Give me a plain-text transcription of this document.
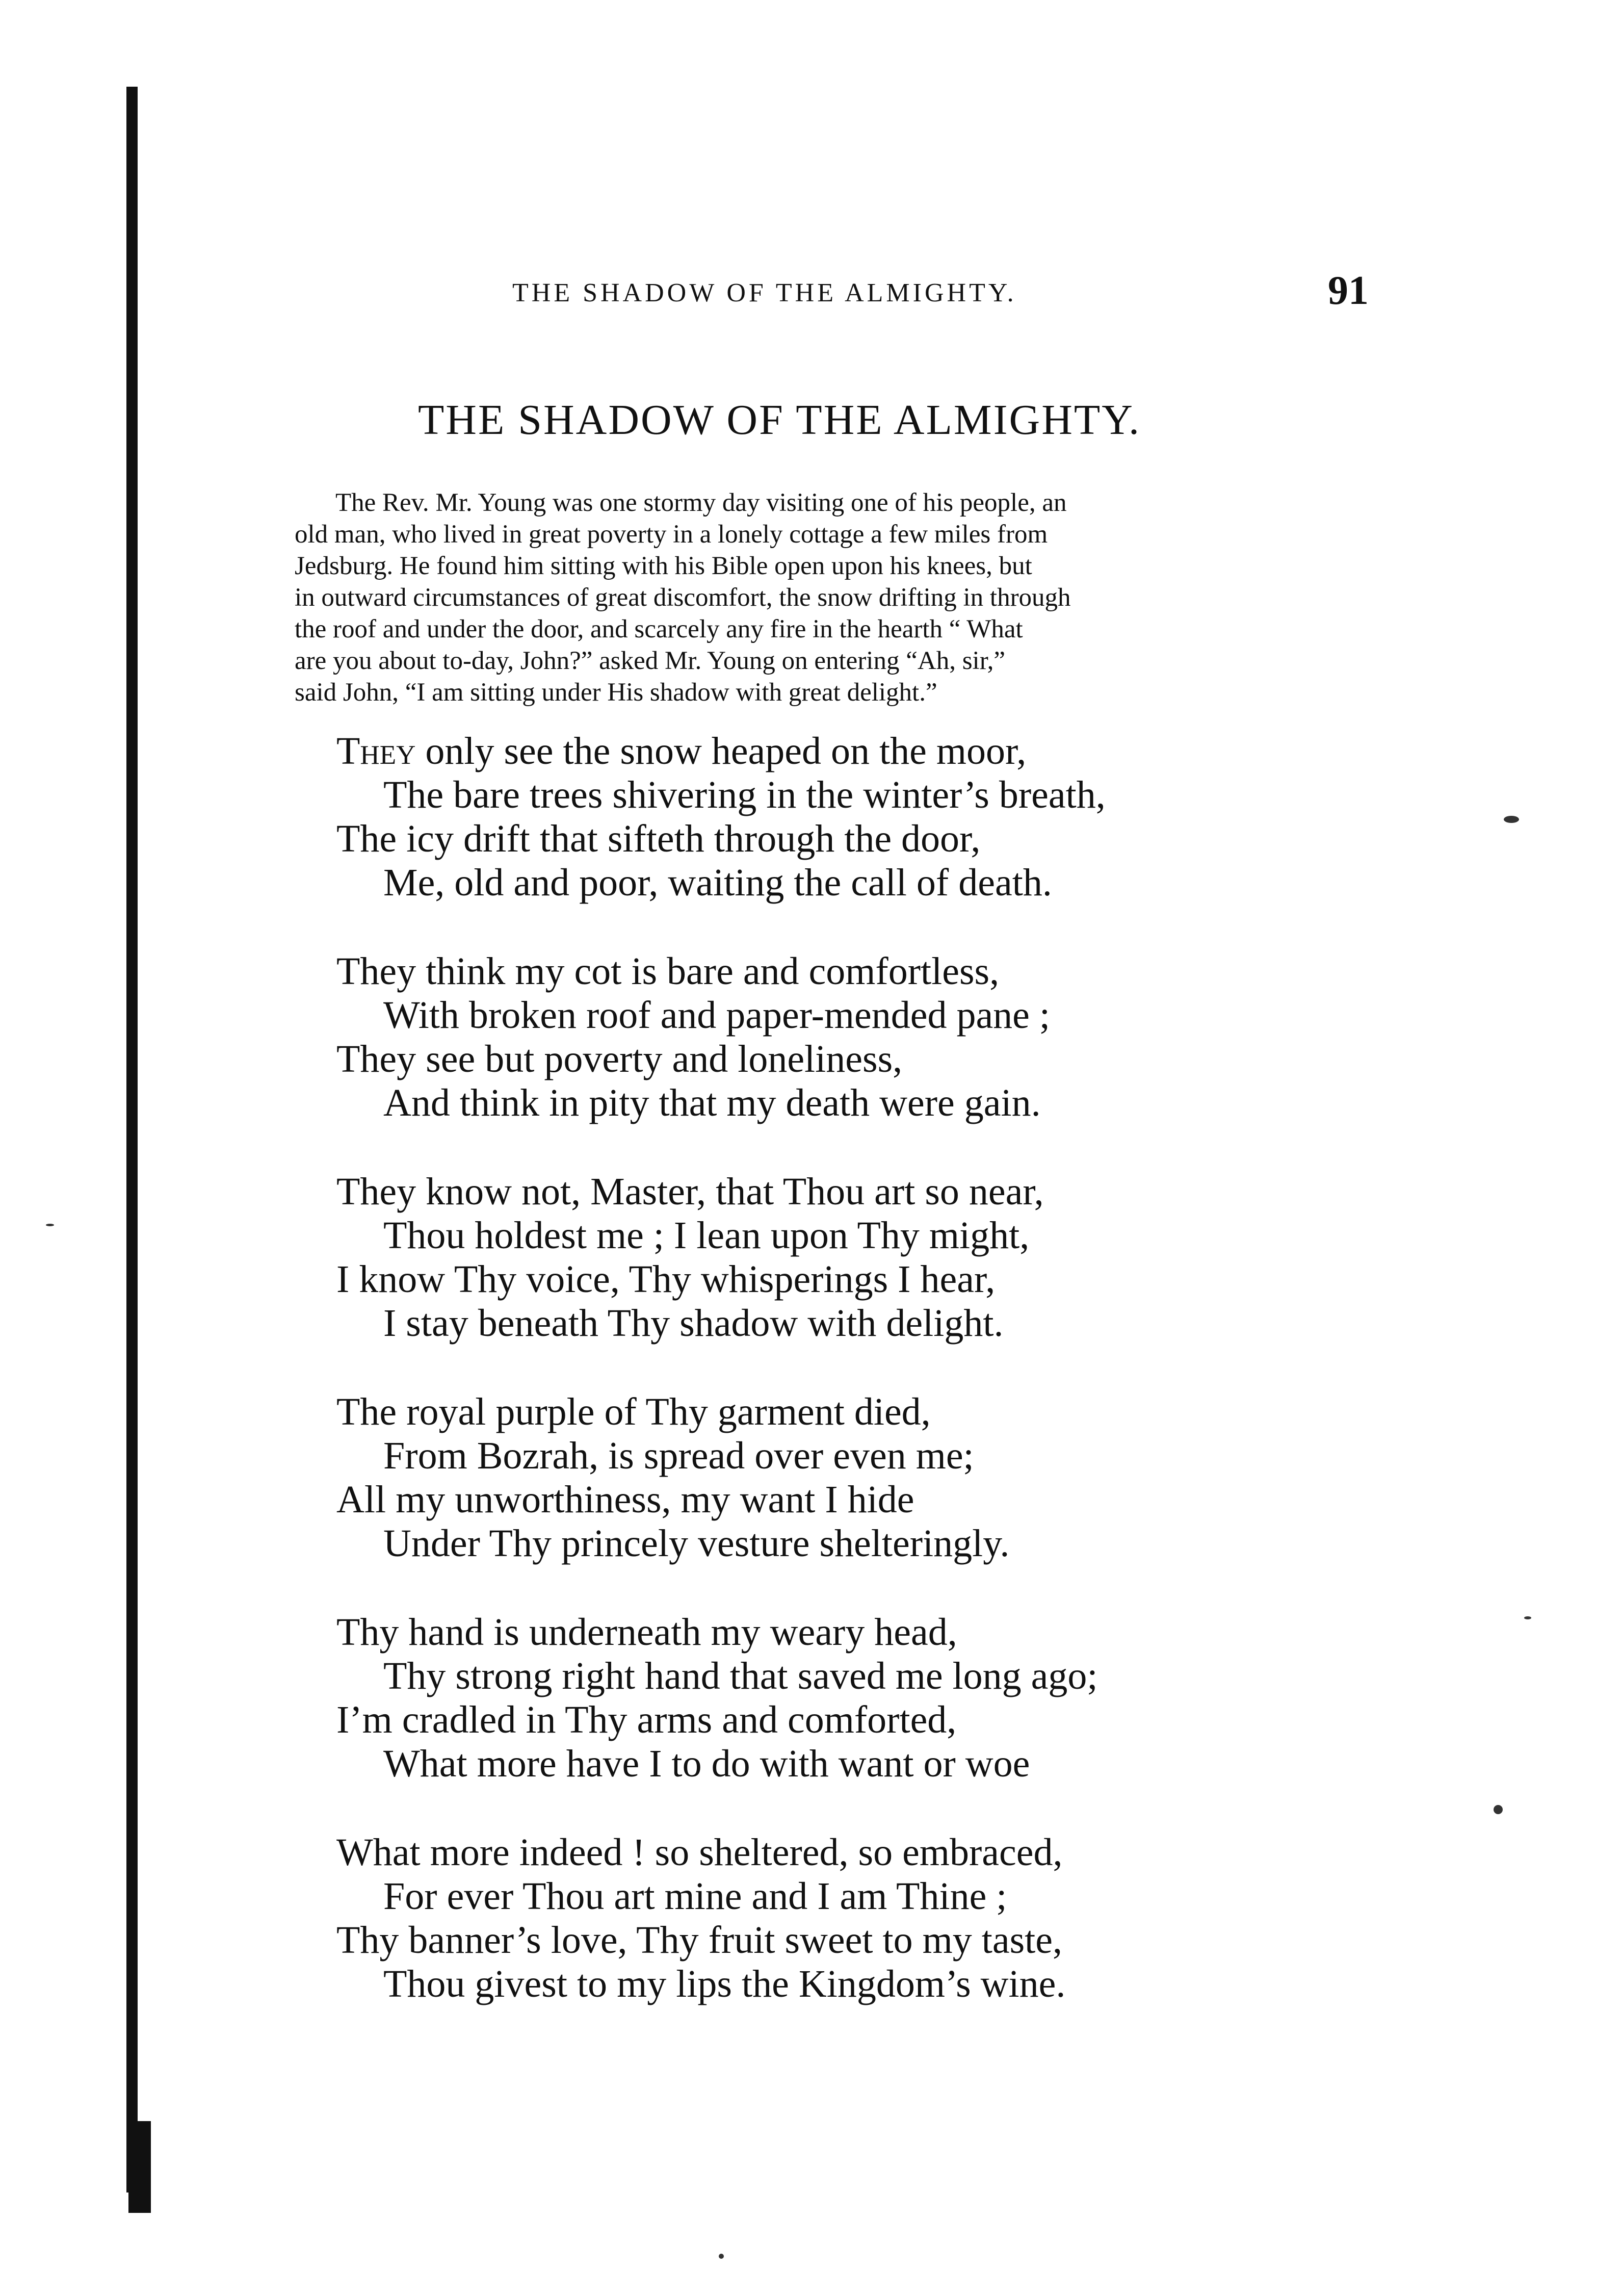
THE SHADOW OF THE ALMIGHTY.	91
THE SHADOW OF THE ALMIGHTY.
The Rev. Mr. Young was one stormy day visiting one of his people, an
old man, who lived in great poverty in a lonely cottage a few miles from
Jedsburg. He found him sitting with his Bible open upon his knees, but
in outward circumstances of great discomfort, the snow drifting in through
the roof and under the door, and scarcely any fire in the hearth “ What
are you about to-day, John?” asked Mr. Young on entering “Ah, sir,”
said John, “I am sitting under His shadow with great delight.”
They only see the snow heaped on the moor,
The bare trees shivering in the winter’s breath,
The icy drift that sifteth through the door,
Me, old and poor, waiting the call of death.
They think my cot is bare and comfortless,
With broken roof and paper-mended pane ;
They see but poverty and loneliness,
And think in pity that my death were gain.
They know not, Master, that Thou art so near,
Thou holdest me ; I lean upon Thy might,
I know Thy voice, Thy whisperings I hear,
I stay beneath Thy shadow with delight.
The royal purple of Thy garment died,
From Bozrah, is spread over even me;
All my unworthiness, my want I hide
Under Thy princely vesture shelteringly.
Thy hand is underneath my weary head,
Thy strong right hand that saved me long ago;
I’m cradled in Thy arms and comforted,
What more have I to do with want or woe
What more indeed ! so sheltered, so embraced,
For ever Thou art mine and I am Thine ;
Thy banner’s love, Thy fruit sweet to my taste,
Thou givest to my lips the Kingdom’s wine.
